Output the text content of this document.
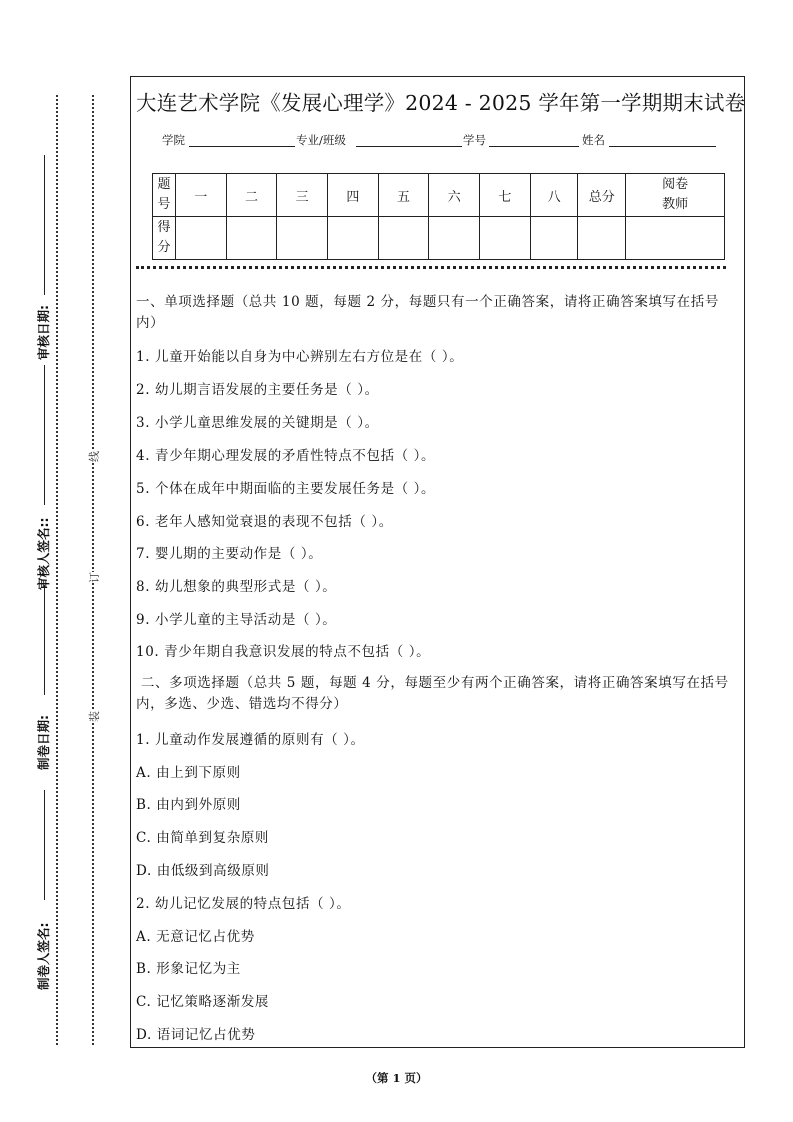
制卷人签名:
制卷日期:
审核人签名::
审核日期:
装
订
线
大连艺术学院《发展心理学》2024 - 2025 学年第一学期期末试卷
学院	专业/班级	学号	姓名
题号	一	二	三	四	五	六	七	八	总分	阅卷教师
得分										
一、单项选择题（总共 10 题，每题 2 分，每题只有一个正确答案，请将正确答案填写在括号内）
1. 儿童开始能以自身为中心辨别左右方位是在（ ）。
2. 幼儿期言语发展的主要任务是（ ）。
3. 小学儿童思维发展的关键期是（ ）。
4. 青少年期心理发展的矛盾性特点不包括（ ）。
5. 个体在成年中期面临的主要发展任务是（ ）。
6. 老年人感知觉衰退的表现不包括（ ）。
7. 婴儿期的主要动作是（ ）。
8. 幼儿想象的典型形式是（ ）。
9. 小学儿童的主导活动是（ ）。
10. 青少年期自我意识发展的特点不包括（ ）。
二、多项选择题（总共 5 题，每题 4 分，每题至少有两个正确答案，请将正确答案填写在括号内，多选、少选、错选均不得分）
1. 儿童动作发展遵循的原则有（ ）。
A. 由上到下原则
B. 由内到外原则
C. 由简单到复杂原则
D. 由低级到高级原则
2. 幼儿记忆发展的特点包括（ ）。
A. 无意记忆占优势
B. 形象记忆为主
C. 记忆策略逐渐发展
D. 语词记忆占优势
（第 1 页）
